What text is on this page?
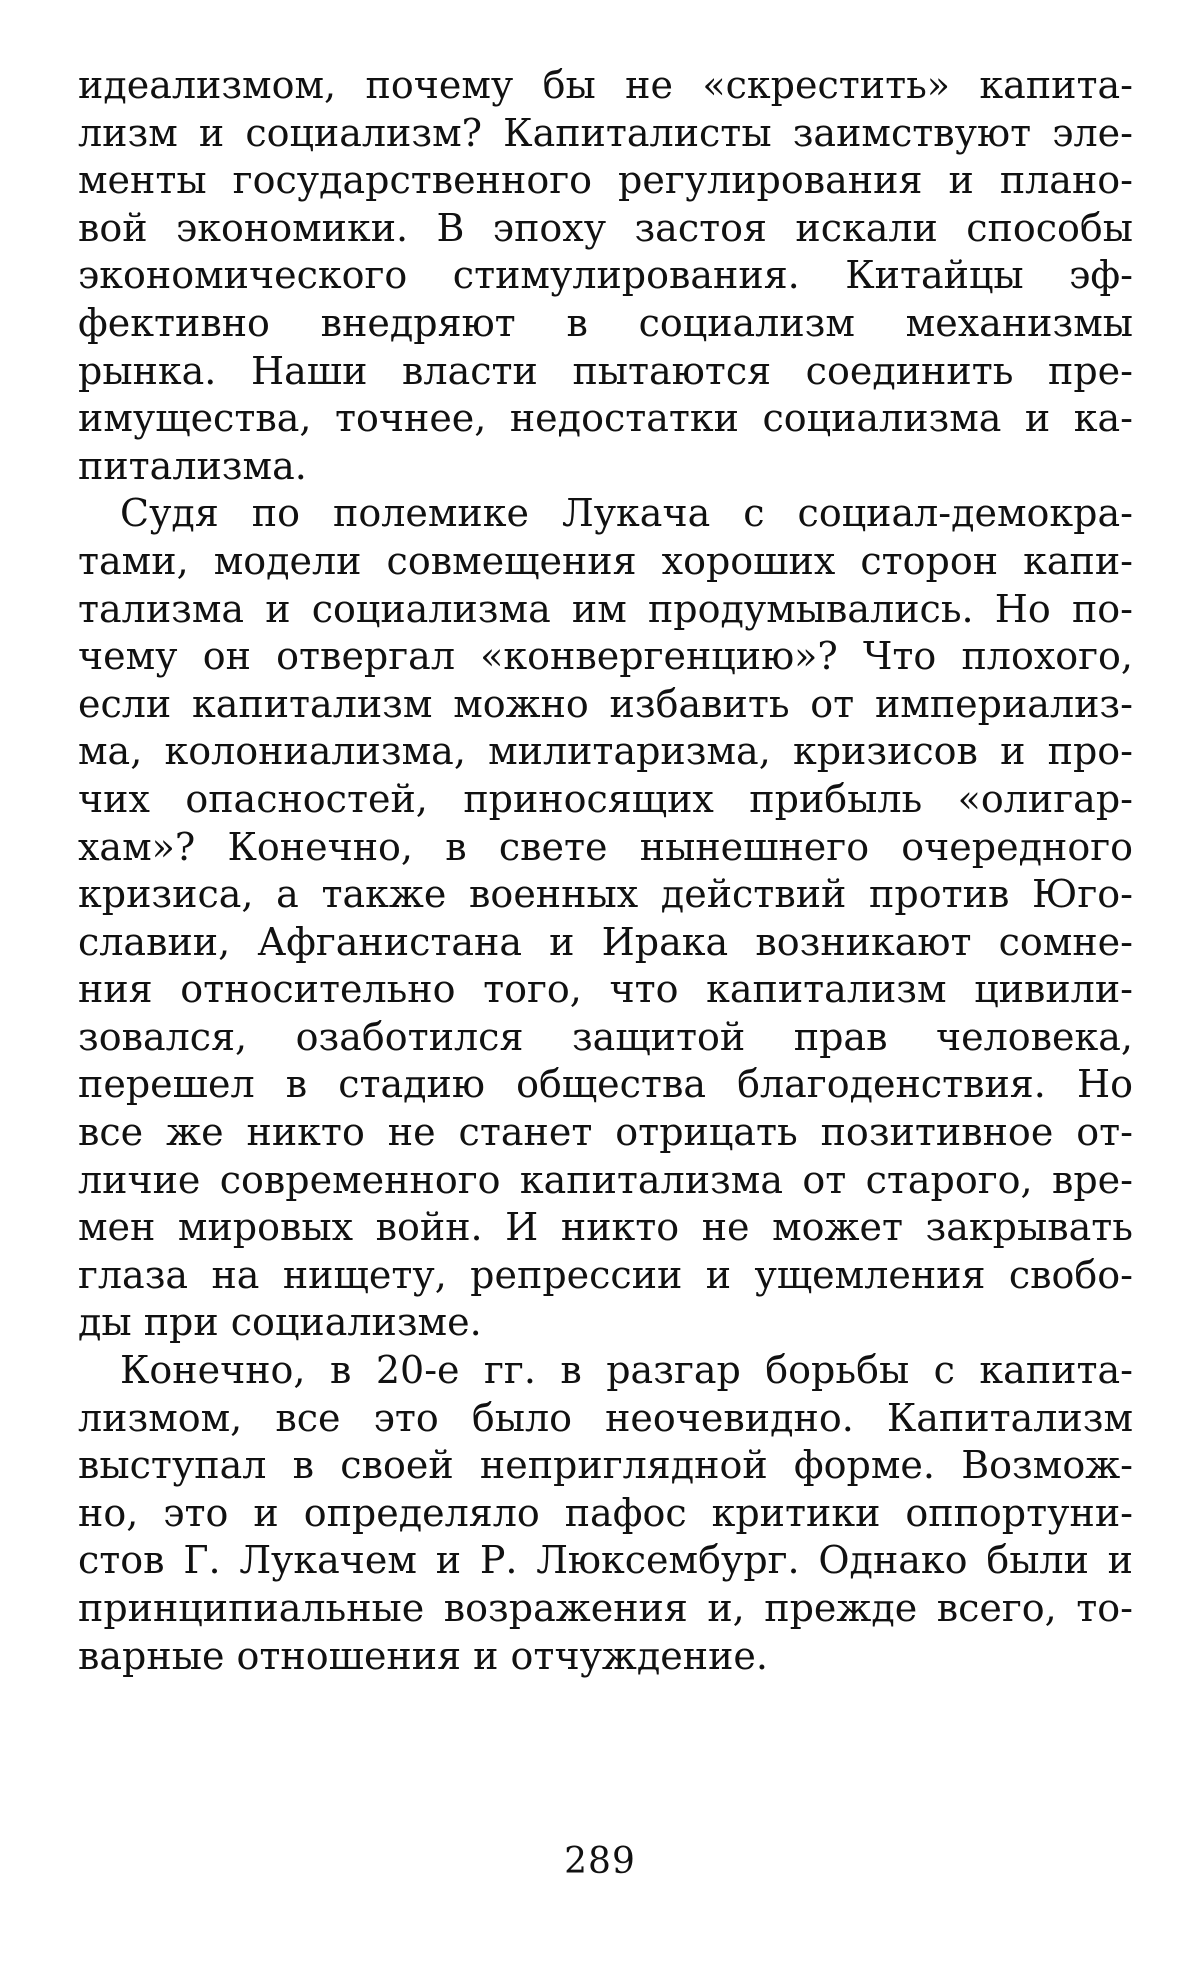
идеализмом, почему бы не «скрестить» капита-
лизм и социализм? Капиталисты заимствуют эле-
менты государственного регулирования и плано-
вой экономики. В эпоху застоя искали способы
экономического стимулирования. Китайцы эф-
фективно внедряют в социализм механизмы
рынка. Наши власти пытаются соединить пре-
имущества, точнее, недостатки социализма и ка-
питализма.
Судя по полемике Лукача с социал-демокра-
тами, модели совмещения хороших сторон капи-
тализма и социализма им продумывались. Но по-
чему он отвергал «конвергенцию»? Что плохого,
если капитализм можно избавить от империализ-
ма, колониализма, милитаризма, кризисов и про-
чих опасностей, приносящих прибыль «олигар-
хам»? Конечно, в свете нынешнего очередного
кризиса, а также военных действий против Юго-
славии, Афганистана и Ирака возникают сомне-
ния относительно того, что капитализм цивили-
зовался, озаботился защитой прав человека,
перешел в стадию общества благоденствия. Но
все же никто не станет отрицать позитивное от-
личие современного капитализма от старого, вре-
мен мировых войн. И никто не может закрывать
глаза на нищету, репрессии и ущемления свобо-
ды при социализме.
Конечно, в 20-е гг. в разгар борьбы с капита-
лизмом, все это было неочевидно. Капитализм
выступал в своей неприглядной форме. Возмож-
но, это и определяло пафос критики оппортуни-
стов Г. Лукачем и Р. Люксембург. Однако были и
принципиальные возражения и, прежде всего, то-
варные отношения и отчуждение.
289
